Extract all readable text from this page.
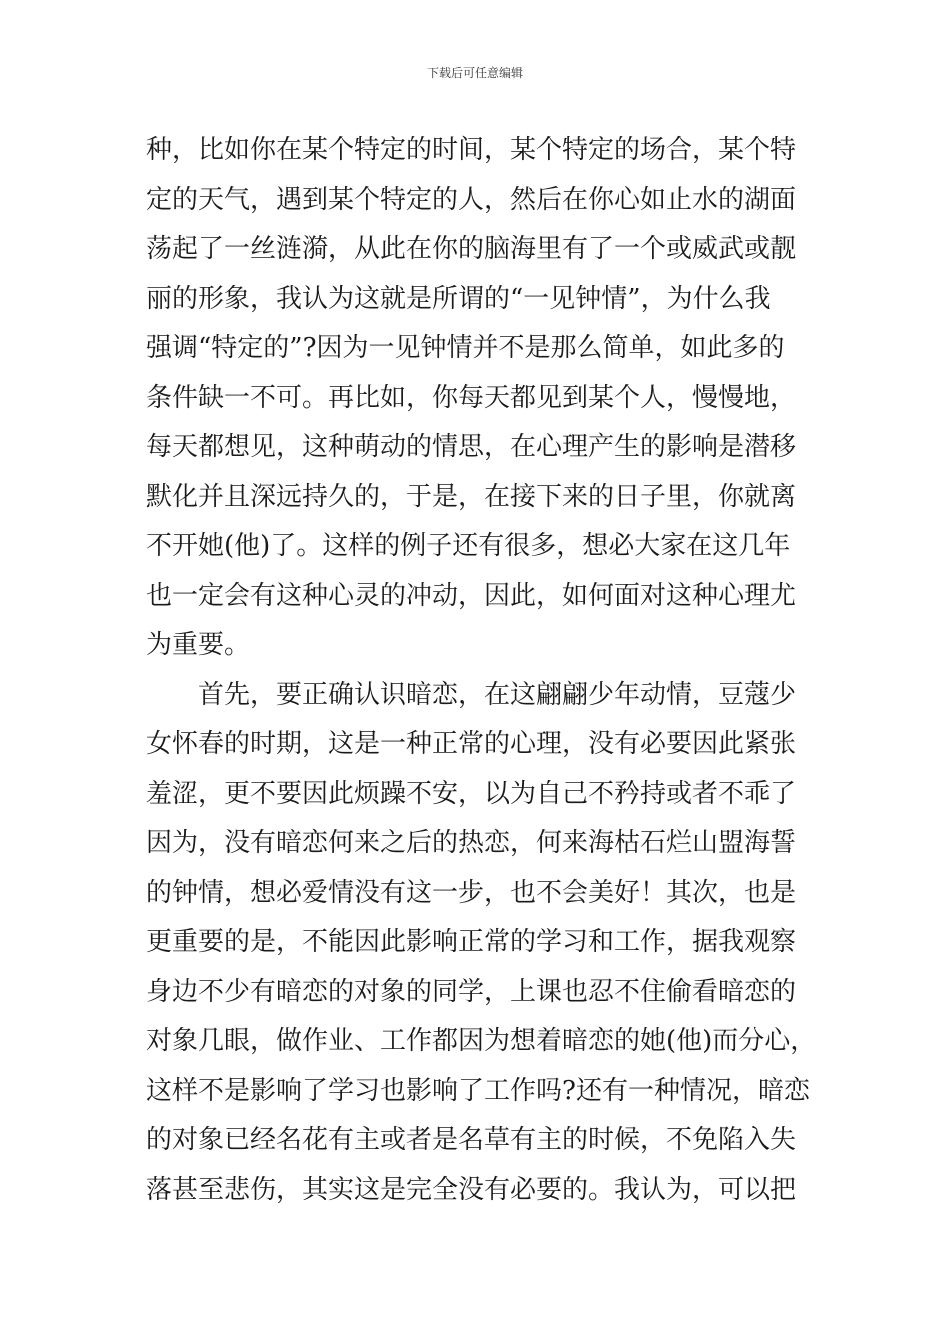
下载后可任意编辑
种，比如你在某个特定的时间，某个特定的场合，某个特
定的天气，遇到某个特定的人，然后在你心如止水的湖面
荡起了一丝涟漪，从此在你的脑海里有了一个或威武或靓
丽的形象，我认为这就是所谓的“一见钟情”，为什么我
强调“特定的”?因为一见钟情并不是那么简单，如此多的
条件缺一不可。再比如，你每天都见到某个人，慢慢地，
每天都想见，这种萌动的情思，在心理产生的影响是潜移
默化并且深远持久的，于是，在接下来的日子里，你就离
不开她(他)了。这样的例子还有很多，想必大家在这几年
也一定会有这种心灵的冲动，因此，如何面对这种心理尤
为重要。
　　首先，要正确认识暗恋，在这翩翩少年动情，豆蔻少
女怀春的时期，这是一种正常的心理，没有必要因此紧张
羞涩，更不要因此烦躁不安，以为自己不矜持或者不乖了
因为，没有暗恋何来之后的热恋，何来海枯石烂山盟海誓
的钟情，想必爱情没有这一步，也不会美好！其次，也是
更重要的是，不能因此影响正常的学习和工作，据我观察
身边不少有暗恋的对象的同学，上课也忍不住偷看暗恋的
对象几眼，做作业、工作都因为想着暗恋的她(他)而分心，
这样不是影响了学习也影响了工作吗?还有一种情况，暗恋
的对象已经名花有主或者是名草有主的时候，不免陷入失
落甚至悲伤，其实这是完全没有必要的。我认为，可以把
